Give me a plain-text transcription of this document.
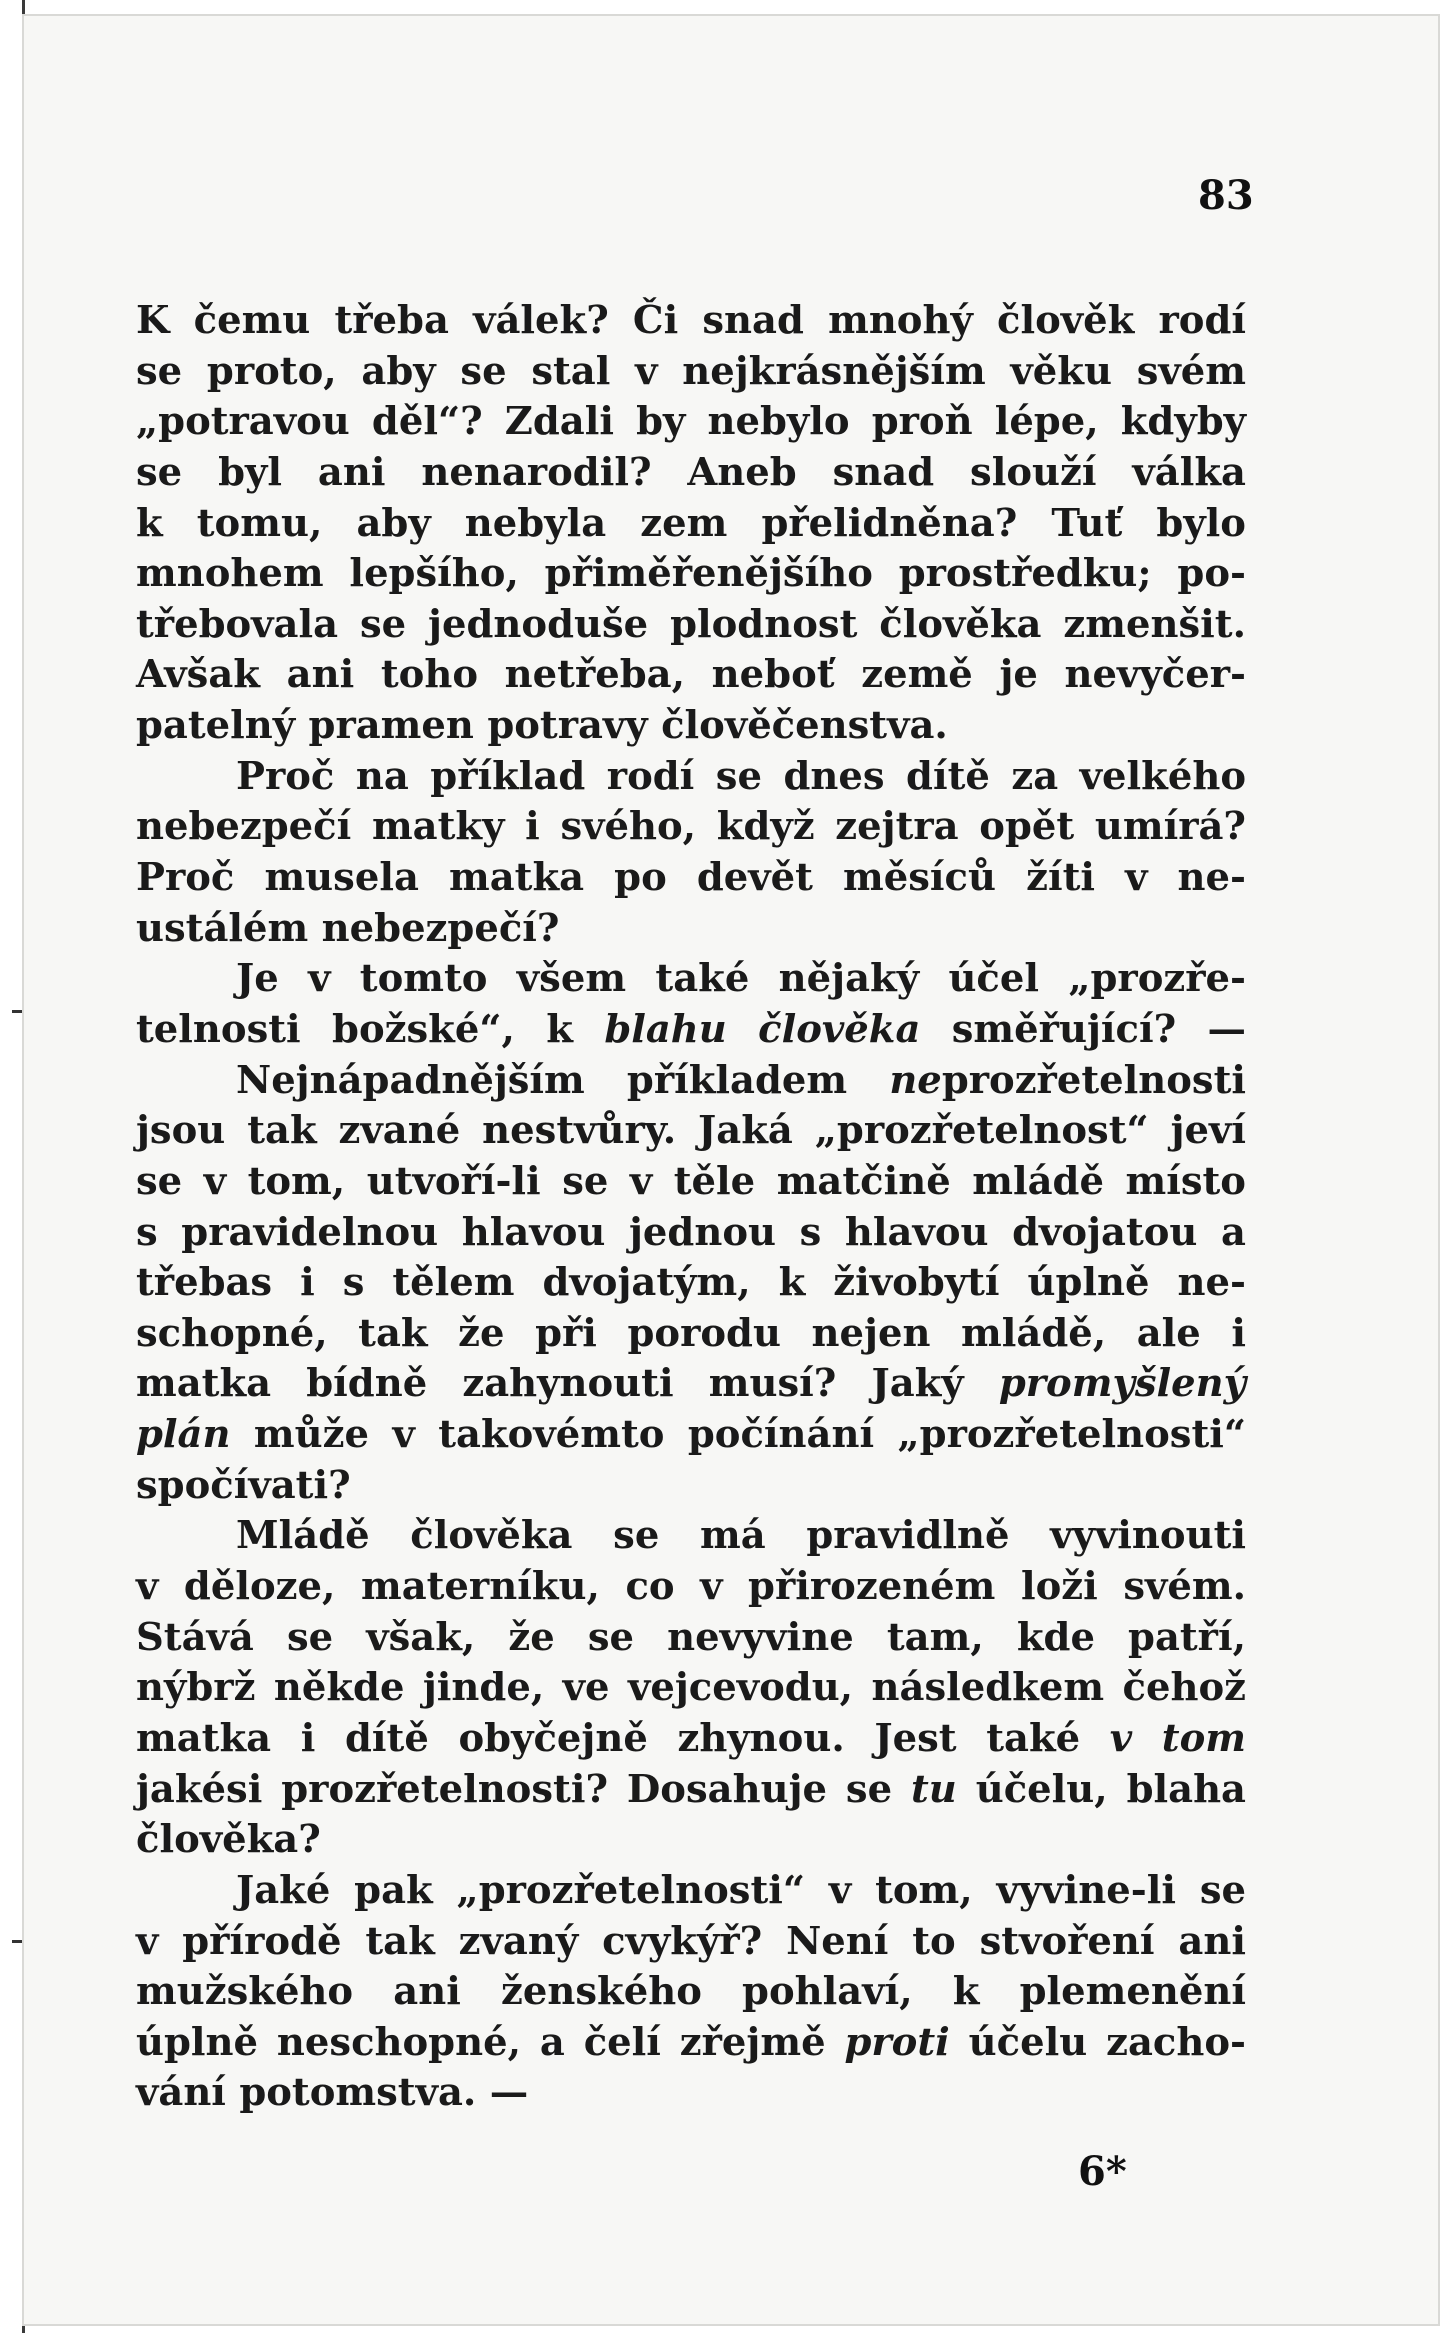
83
K čemu třeba válek? Či snad mnohý člověk rodí
se proto, aby se stal v nejkrásnějším věku svém
„potravou děl“? Zdali by nebylo proň lépe, kdyby
se byl ani nenarodil? Aneb snad slouží válka
k tomu, aby nebyla zem přelidněna? Tuť bylo
mnohem lepšího, přiměřenějšího prostředku; po-
třebovala se jednoduše plodnost člověka zmenšit.
Avšak ani toho netřeba, neboť země je nevyčer-
patelný pramen potravy člověčenstva.
Proč na příklad rodí se dnes dítě za velkého
nebezpečí matky i svého, když zejtra opět umírá?
Proč musela matka po devět měsíců žíti v ne-
ustálém nebezpečí?
Je v tomto všem také nějaký účel „prozře-
telnosti božské“, k blahu člověka směřující? —
Nejnápadnějším příkladem neprozřetelnosti
jsou tak zvané nestvůry. Jaká „prozřetelnost“ jeví
se v tom, utvoří-li se v těle matčině mládě místo
s pravidelnou hlavou jednou s hlavou dvojatou a
třebas i s tělem dvojatým, k živobytí úplně ne-
schopné, tak že při porodu nejen mládě, ale i
matka bídně zahynouti musí? Jaký promyšlený
plán může v takovémto počínání „prozřetelnosti“
spočívati?
Mládě člověka se má pravidlně vyvinouti
v děloze, materníku, co v přirozeném loži svém.
Stává se však, že se nevyvine tam, kde patří,
nýbrž někde jinde, ve vejcevodu, následkem čehož
matka i dítě obyčejně zhynou. Jest také v tom
jakési prozřetelnosti? Dosahuje se tu účelu, blaha
člověka?
Jaké pak „prozřetelnosti“ v tom, vyvine-li se
v přírodě tak zvaný cvykýř? Není to stvoření ani
mužského ani ženského pohlaví, k plemenění
úplně neschopné, a čelí zřejmě proti účelu zacho-
vání potomstva. —
6*
